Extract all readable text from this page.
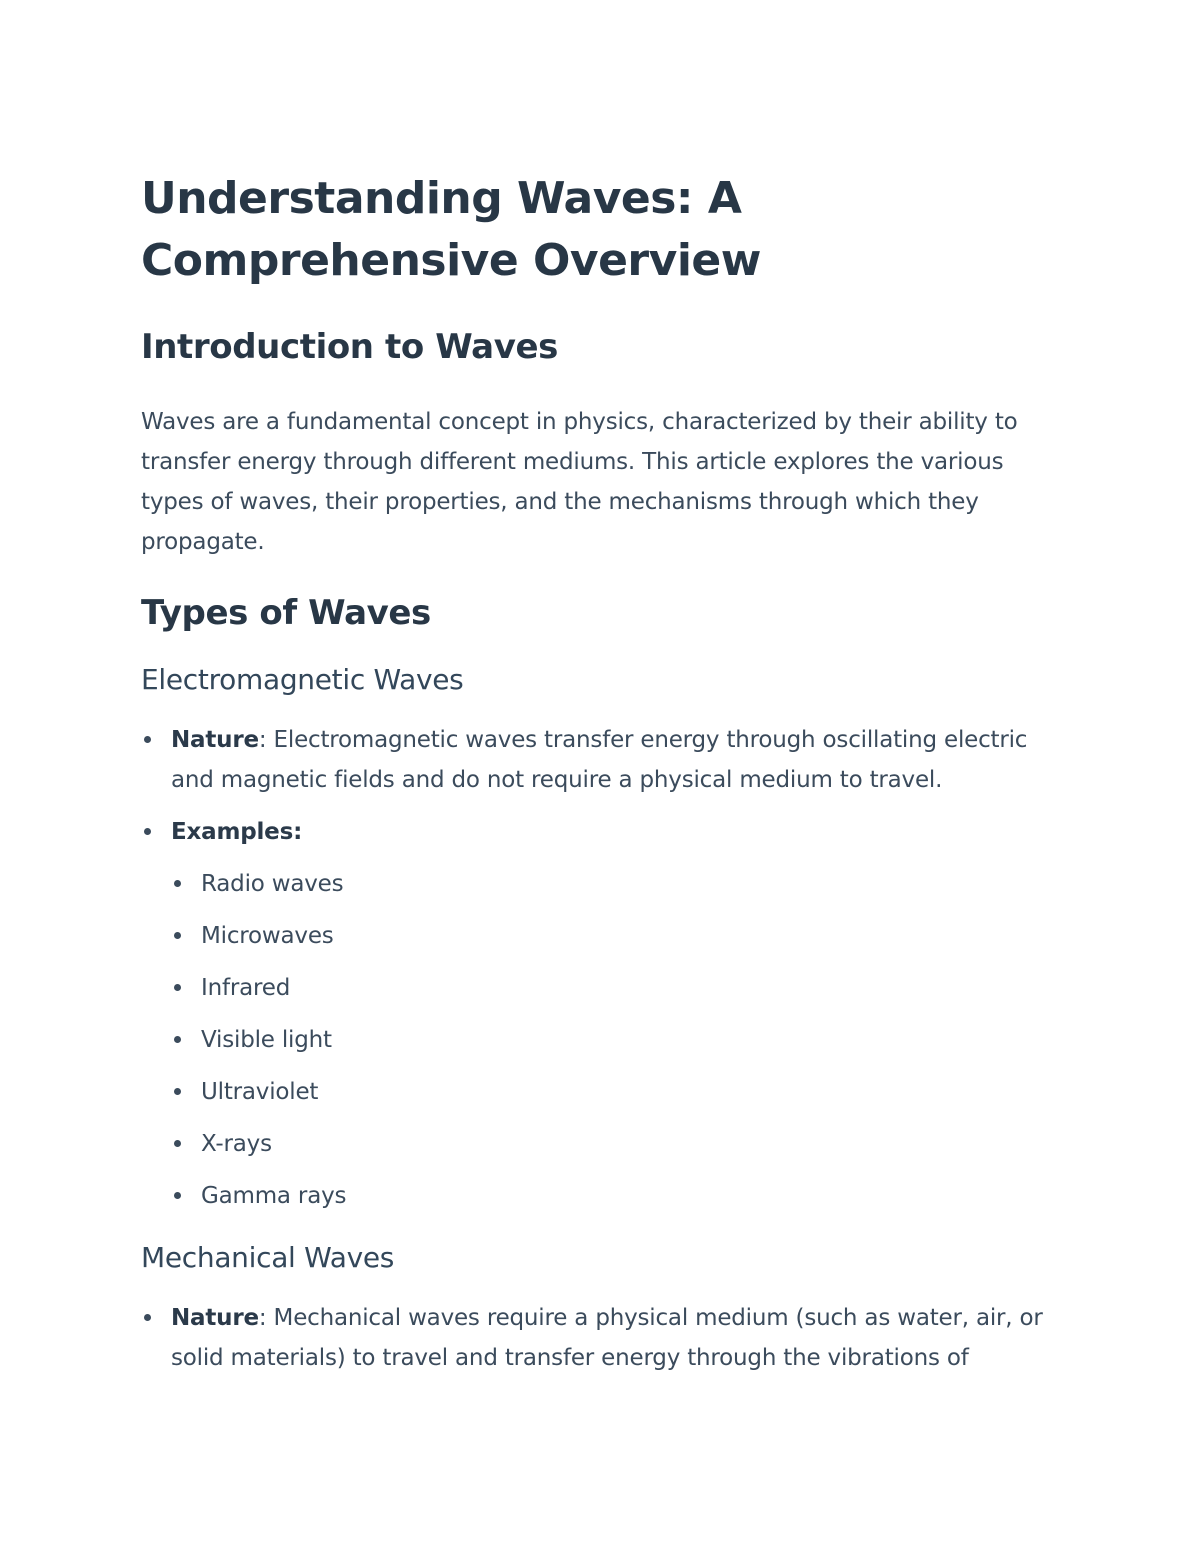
Understanding Waves: A Comprehensive Overview
Introduction to Waves

Waves are a fundamental concept in physics, characterized by their ability to transfer energy through different mediums. This article explores the various types of waves, their properties, and the mechanisms through which they propagate.

Types of Waves
Electromagnetic Waves
Nature: Electromagnetic waves transfer energy through oscillating electric and magnetic fields and do not require a physical medium to travel.
Examples:
Radio waves
Microwaves
Infrared
Visible light
Ultraviolet
X-rays
Gamma rays
Mechanical Waves
Nature: Mechanical waves require a physical medium (such as water, air, or solid materials) to travel and transfer energy through the vibrations of
